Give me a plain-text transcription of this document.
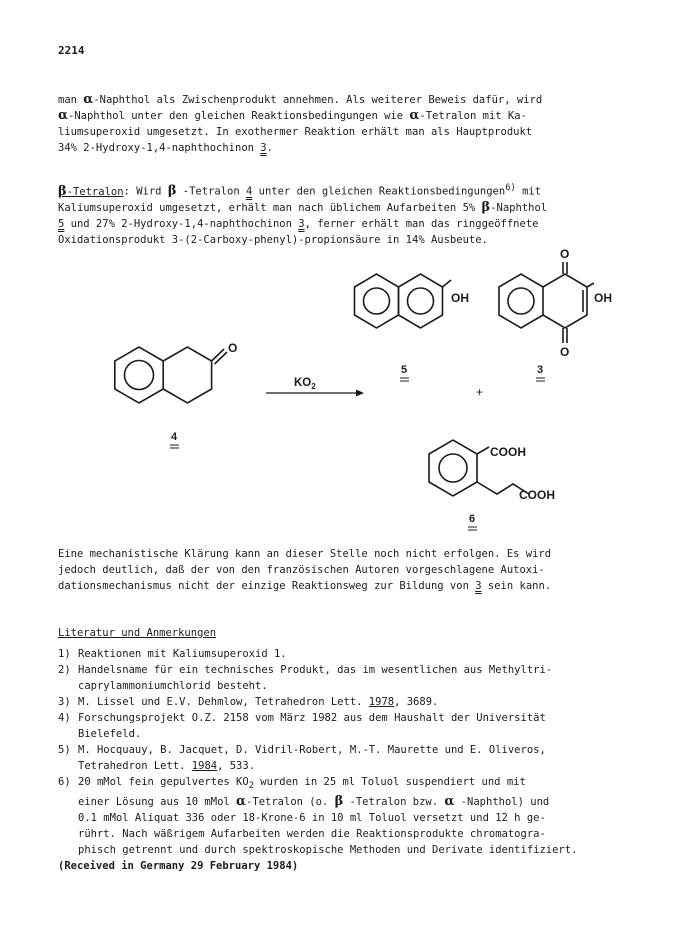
2214
man α-Naphthol als Zwischenprodukt annehmen. Als weiterer Beweis dafür, wird
α-Naphthol unter den gleichen Reaktionsbedingungen wie α-Tetralon mit Ka-
liumsuperoxid umgesetzt. In exothermer Reaktion erhält man als Hauptprodukt
34% 2-Hydroxy-1,4-naphthochinon 3.
β-Tetralon: Wird β -Tetralon 4 unter den gleichen Reaktionsbedingungen$^{6)}$ mit
Kaliumsuperoxid umgesetzt, erhält man nach üblichem Aufarbeiten 5% β-Naphthol
5 und 27% 2-Hydroxy-1,4-naphthochinon 3, ferner erhält man das ringgeöffnete
Oxidationsprodukt 3-(2-Carboxy-phenyl)-propionsäure in 14% Ausbeute.
O
4
$KO_2$
OH
5
O
O
OH
3
+
COOH
COOH
6
Eine mechanistische Klärung kann an dieser Stelle noch nicht erfolgen. Es wird
jedoch deutlich, daß der von den französischen Autoren vorgeschlagene Autoxi-
dationsmechanismus nicht der einzige Reaktionsweg zur Bildung von 3 sein kann.
Literatur und Anmerkungen
1) Reaktionen mit Kaliumsuperoxid 1.
2) Handelsname für ein technisches Produkt, das im wesentlichen aus Methyltri-
caprylammoniumchlorid besteht.
3) M. Lissel und E.V. Dehmlow, Tetrahedron Lett. 1978, 3689.
4) Forschungsprojekt O.Z. 2158 vom März 1982 aus dem Haushalt der Universität
Bielefeld.
5) M. Hocquauy, B. Jacquet, D. Vidril-Robert, M.-T. Maurette und E. Oliveros,
Tetrahedron Lett. 1984, 533.
6) 20 mMol fein gepulvertes $KO_2$ wurden in 25 ml Toluol suspendiert und mit
einer Lösung aus 10 mMol α-Tetralon (o. β -Tetralon bzw. α -Naphthol) und
0.1 mMol Aliquat 336 oder 18-Krone-6 in 10 ml Toluol versetzt und 12 h ge-
rührt. Nach wäßrigem Aufarbeiten werden die Reaktionsprodukte chromatogra-
phisch getrennt und durch spektroskopische Methoden und Derivate identifiziert.
(Received in Germany 29 February 1984)
